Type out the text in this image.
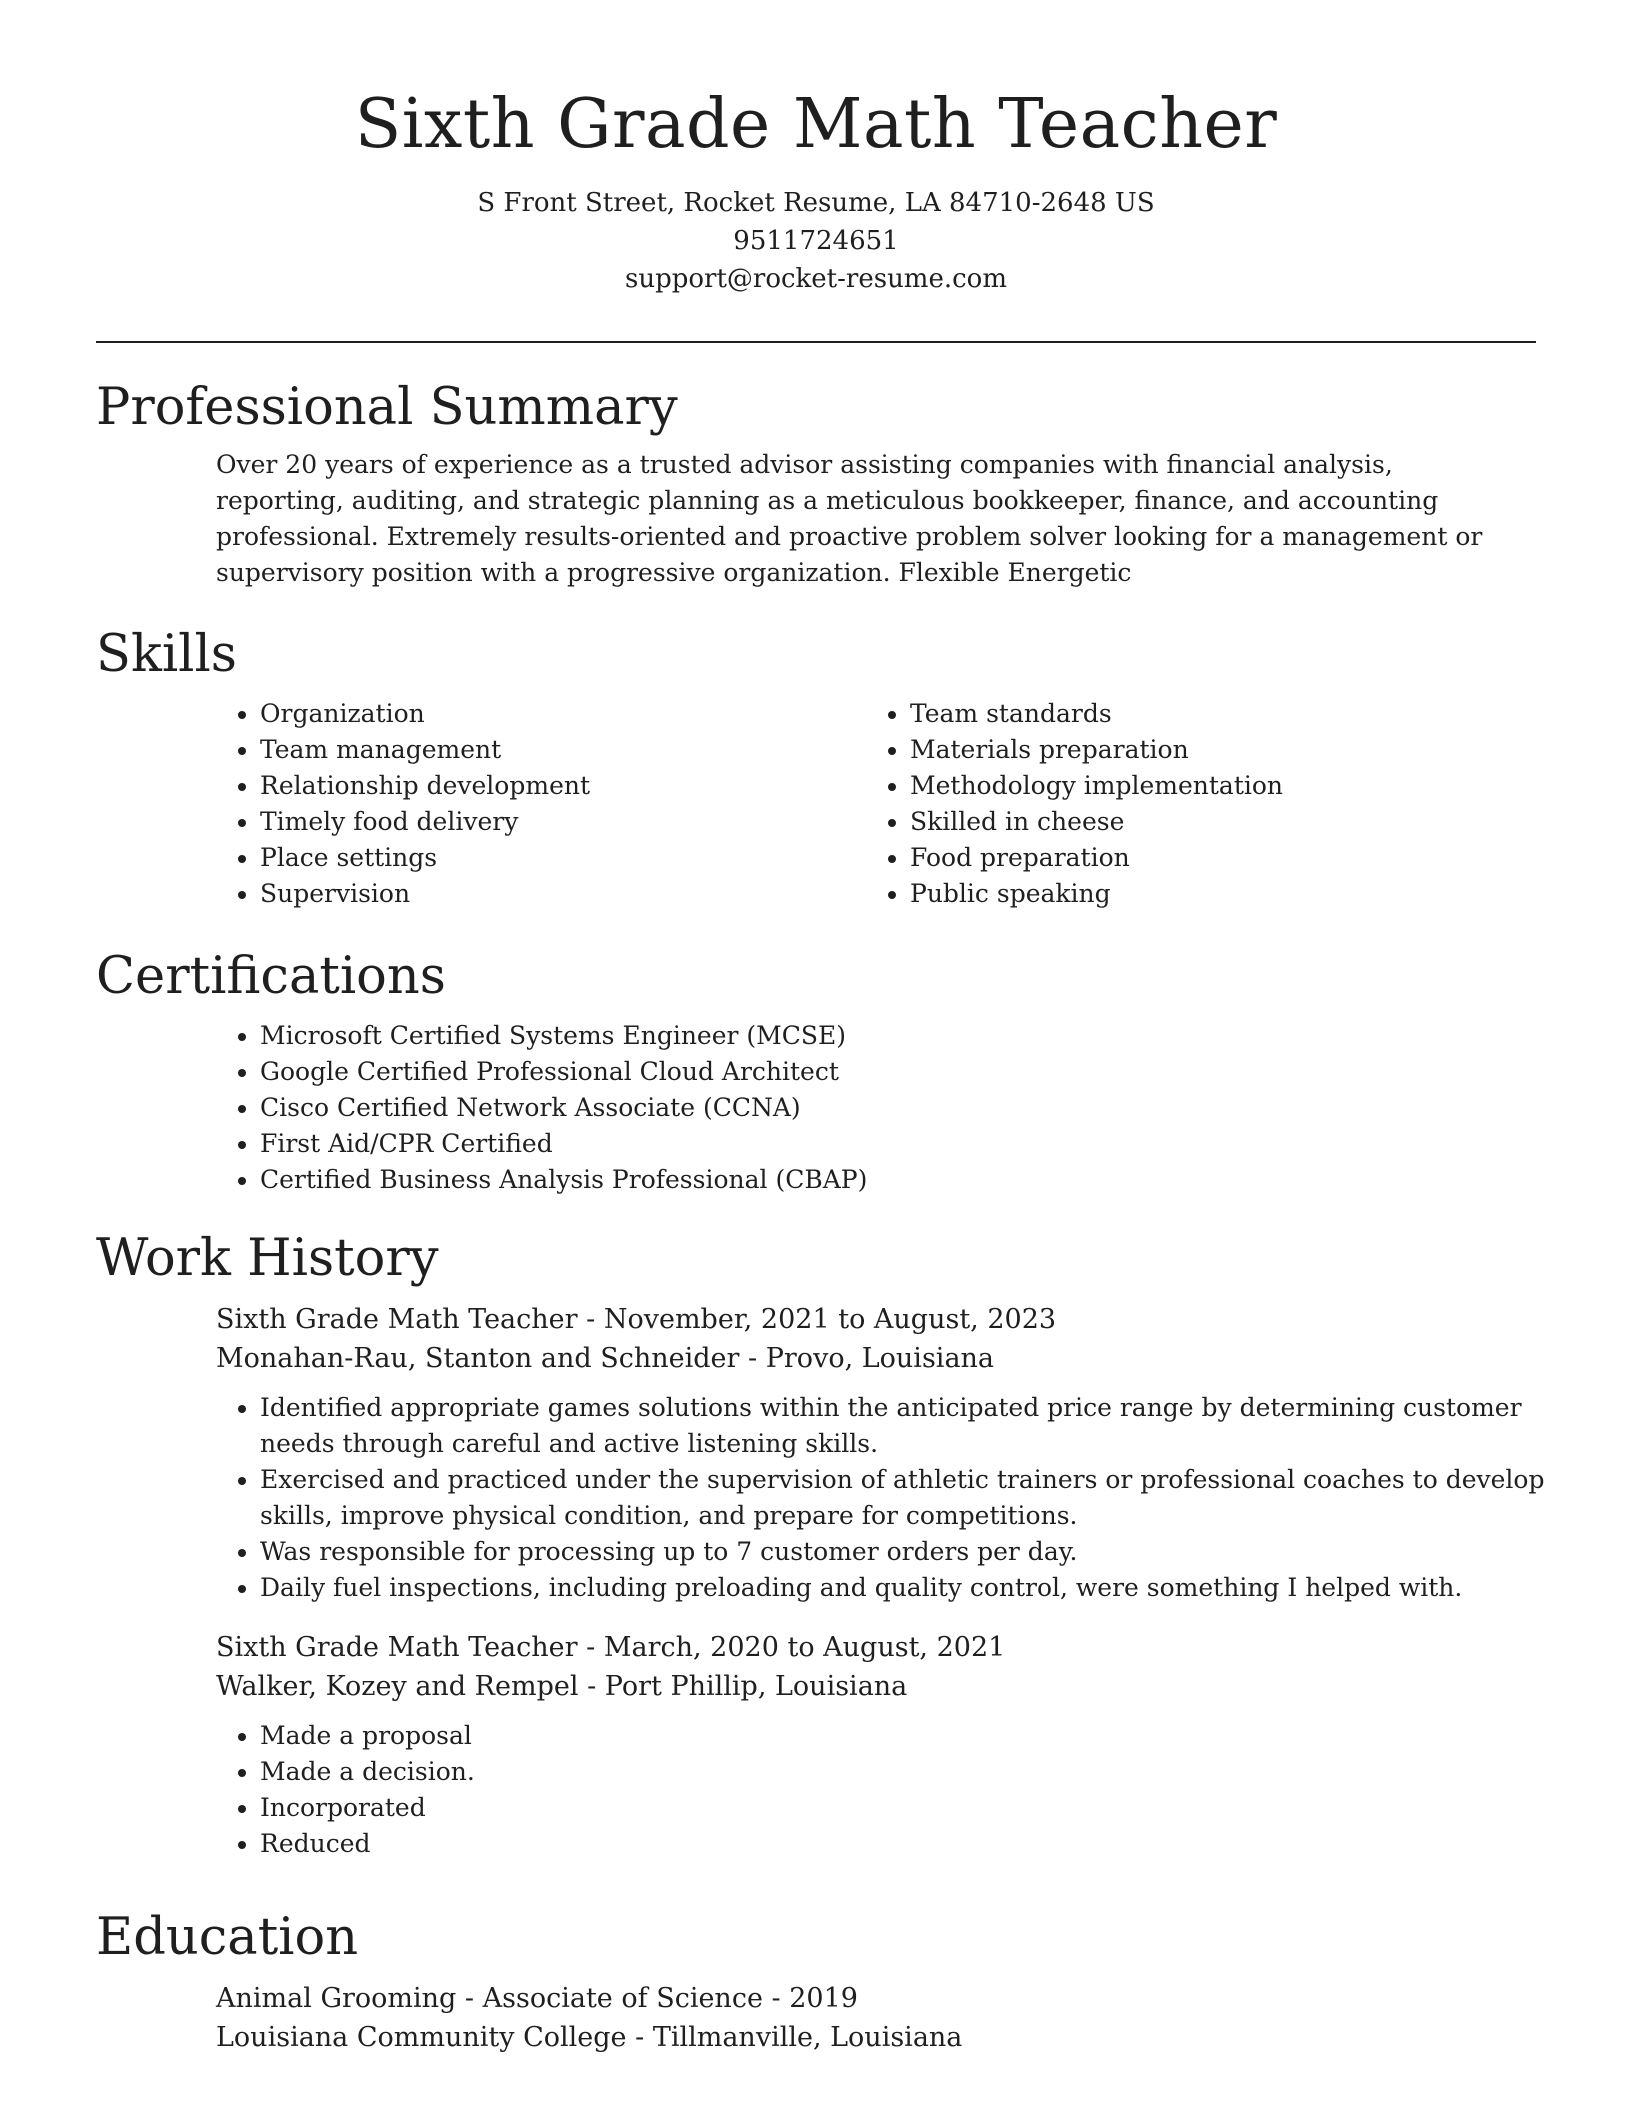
Sixth Grade Math Teacher
S Front Street, Rocket Resume, LA 84710-2648 US
9511724651
support@rocket-resume.com
Professional Summary
Over 20 years of experience as a trusted advisor assisting companies with financial analysis, reporting, auditing, and strategic planning as a meticulous bookkeeper, finance, and accounting professional. Extremely results-oriented and proactive problem solver looking for a management or supervisory position with a progressive organization. Flexible Energetic
Skills
• Organization
• Team management
• Relationship development
• Timely food delivery
• Place settings
• Supervision
• Team standards
• Materials preparation
• Methodology implementation
• Skilled in cheese
• Food preparation
• Public speaking
Certifications
• Microsoft Certified Systems Engineer (MCSE)
• Google Certified Professional Cloud Architect
• Cisco Certified Network Associate (CCNA)
• First Aid/CPR Certified
• Certified Business Analysis Professional (CBAP)
Work History
Sixth Grade Math Teacher - November, 2021 to August, 2023
Monahan-Rau, Stanton and Schneider - Provo, Louisiana
• Identified appropriate games solutions within the anticipated price range by determining customer needs through careful and active listening skills.
• Exercised and practiced under the supervision of athletic trainers or professional coaches to develop skills, improve physical condition, and prepare for competitions.
• Was responsible for processing up to 7 customer orders per day.
• Daily fuel inspections, including preloading and quality control, were something I helped with.
Sixth Grade Math Teacher - March, 2020 to August, 2021
Walker, Kozey and Rempel - Port Phillip, Louisiana
• Made a proposal
• Made a decision.
• Incorporated
• Reduced
Education
Animal Grooming - Associate of Science - 2019
Louisiana Community College - Tillmanville, Louisiana
